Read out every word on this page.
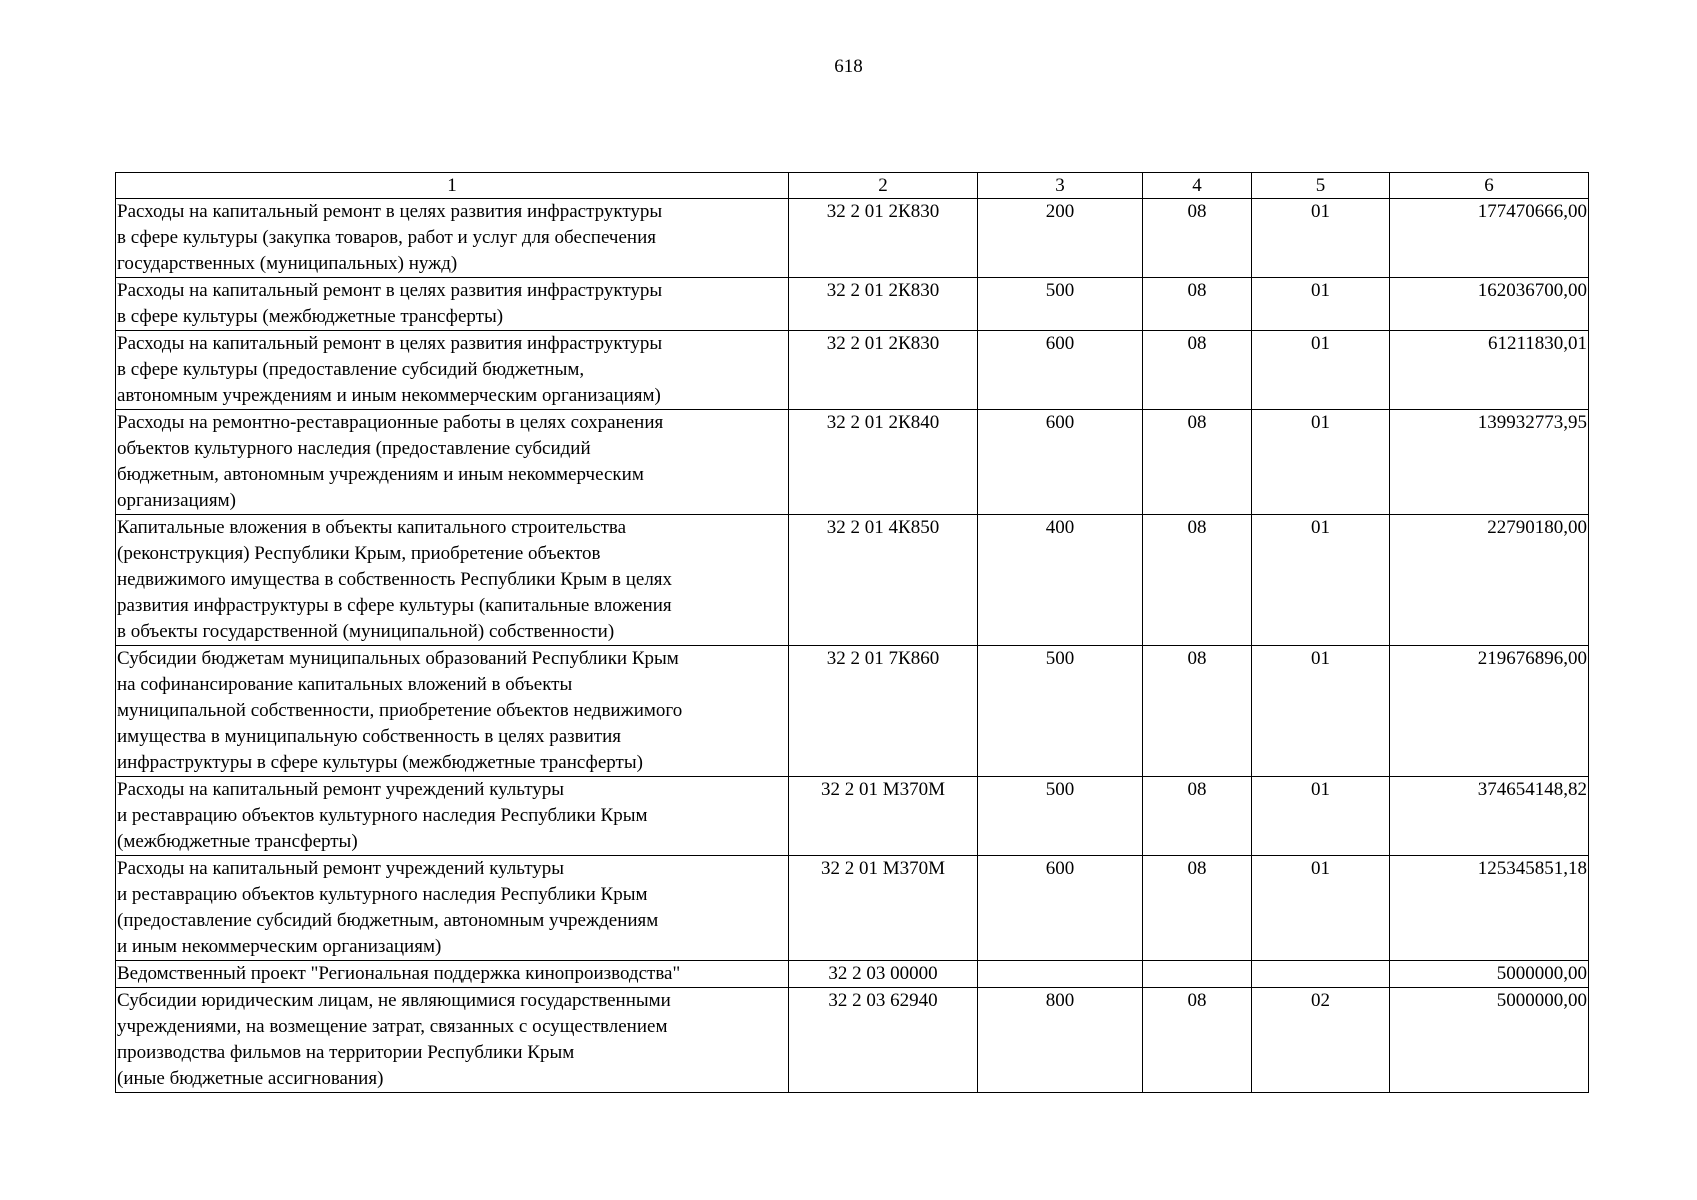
618
1	2	3	4	5	6

Расходы на капитальный ремонт в целях развития инфраструктуры
в сфере культуры (закупка товаров, работ и услуг для обеспечения
государственных (муниципальных) нужд)	32 2 01 2К830	200	08	01	177470666,00

Расходы на капитальный ремонт в целях развития инфраструктуры
в сфере культуры (межбюджетные трансферты)	32 2 01 2К830	500	08	01	162036700,00

Расходы на капитальный ремонт в целях развития инфраструктуры
в сфере культуры (предоставление субсидий бюджетным,
автономным учреждениям и иным некоммерческим организациям)	32 2 01 2К830	600	08	01	61211830,01

Расходы на ремонтно-реставрационные работы в целях сохранения
объектов культурного наследия (предоставление субсидий
бюджетным, автономным учреждениям и иным некоммерческим
организациям)	32 2 01 2К840	600	08	01	139932773,95

Капитальные вложения в объекты капитального строительства
(реконструкция) Республики Крым, приобретение объектов
недвижимого имущества в собственность Республики Крым в целях
развития инфраструктуры в сфере культуры (капитальные вложения
в объекты государственной (муниципальной) собственности)	32 2 01 4К850	400	08	01	22790180,00

Субсидии бюджетам муниципальных образований Республики Крым
на софинансирование капитальных вложений в объекты
муниципальной собственности, приобретение объектов недвижимого
имущества в муниципальную собственность в целях развития
инфраструктуры в сфере культуры (межбюджетные трансферты)	32 2 01 7К860	500	08	01	219676896,00

Расходы на капитальный ремонт учреждений культуры
и реставрацию объектов культурного наследия Республики Крым
(межбюджетные трансферты)	32 2 01 М370М	500	08	01	374654148,82

Расходы на капитальный ремонт учреждений культуры
и реставрацию объектов культурного наследия Республики Крым
(предоставление субсидий бюджетным, автономным учреждениям
и иным некоммерческим организациям)	32 2 01 М370М	600	08	01	125345851,18

Ведомственный проект "Региональная поддержка кинопроизводства"	32 2 03 00000				5000000,00

Субсидии юридическим лицам, не являющимися государственными
учреждениями, на возмещение затрат, связанных с осуществлением
производства фильмов на территории Республики Крым
(иные бюджетные ассигнования)	32 2 03 62940	800	08	02	5000000,00
